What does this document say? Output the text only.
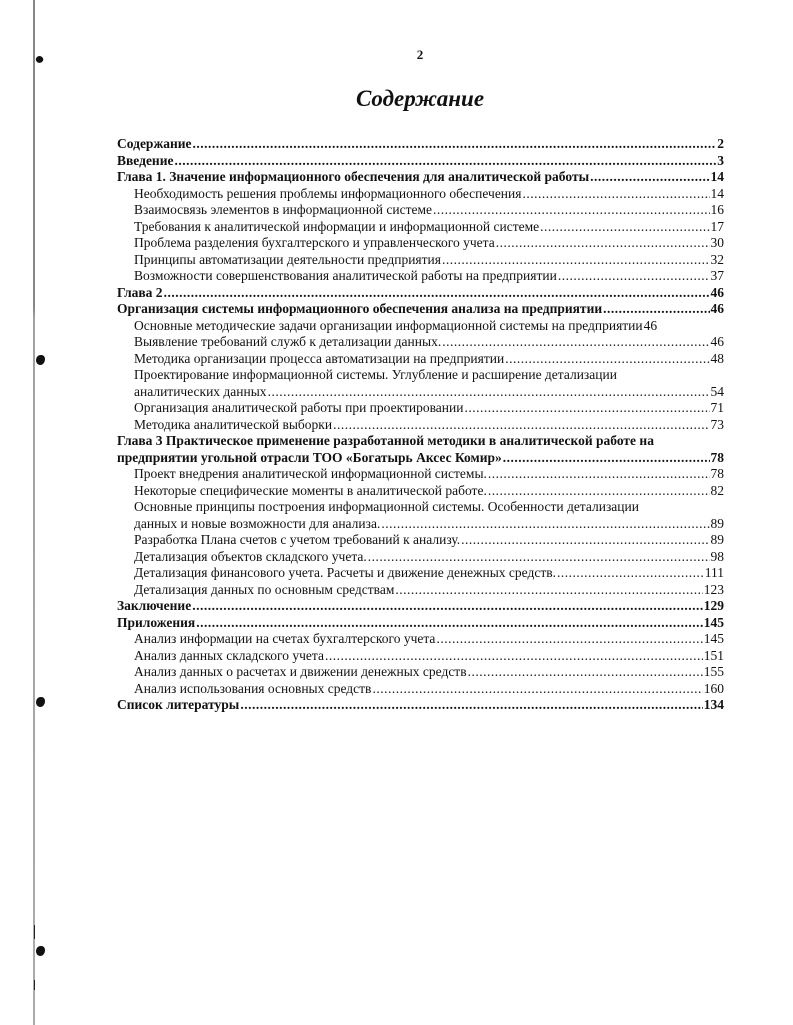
2
Содержание
Содержание .....	2
Введение .....	3
Глава 1. Значение информационного обеспечения для аналитической работы .....	14
Необходимость решения проблемы информационного обеспечения .....	14
Взаимосвязь элементов в информационной системе .....	16
Требования к аналитической информации и информационной системе .....	17
Проблема разделения бухгалтерского и управленческого учета .....	30
Принципы автоматизации деятельности предприятия .....	32
Возможности совершенствования аналитической работы на предприятии .....	37
Глава 2 .....	46
Организация системы информационного обеспечения анализа на предприятии .....	46
Основные методические задачи организации информационной системы на предприятии 46
Выявление требований служб к детализации данных. .....	46
Методика организации процесса автоматизации на предприятии .....	48
Проектирование информационной системы. Углубление и расширение детализации
аналитических данных .....	54
Организация аналитической работы при проектировании .....	71
Методика аналитической выборки .....	73
Глава 3 Практическое применение разработанной методики в аналитической работе на
предприятии угольной отрасли ТОО «Богатырь Аксес Комир» .....	78
Проект внедрения аналитической информационной системы. .....	78
Некоторые специфические моменты в аналитической работе. .....	82
Основные принципы построения информационной системы. Особенности детализации
данных и новые возможности для анализа. .....	89
Разработка Плана счетов с учетом требований к анализу. .....	89
Детализация объектов складского учета. .....	98
Детализация финансового учета. Расчеты и движение денежных средств. .....	111
Детализация данных по основным средствам .....	123
Заключение .....	129
Приложения .....	145
Анализ информации на счетах бухгалтерского учета .....	145
Анализ данных складского учета .....	151
Анализ данных о расчетах и движении денежных средств .....	155
Анализ использования основных средств .....	160
Список литературы .....	134
